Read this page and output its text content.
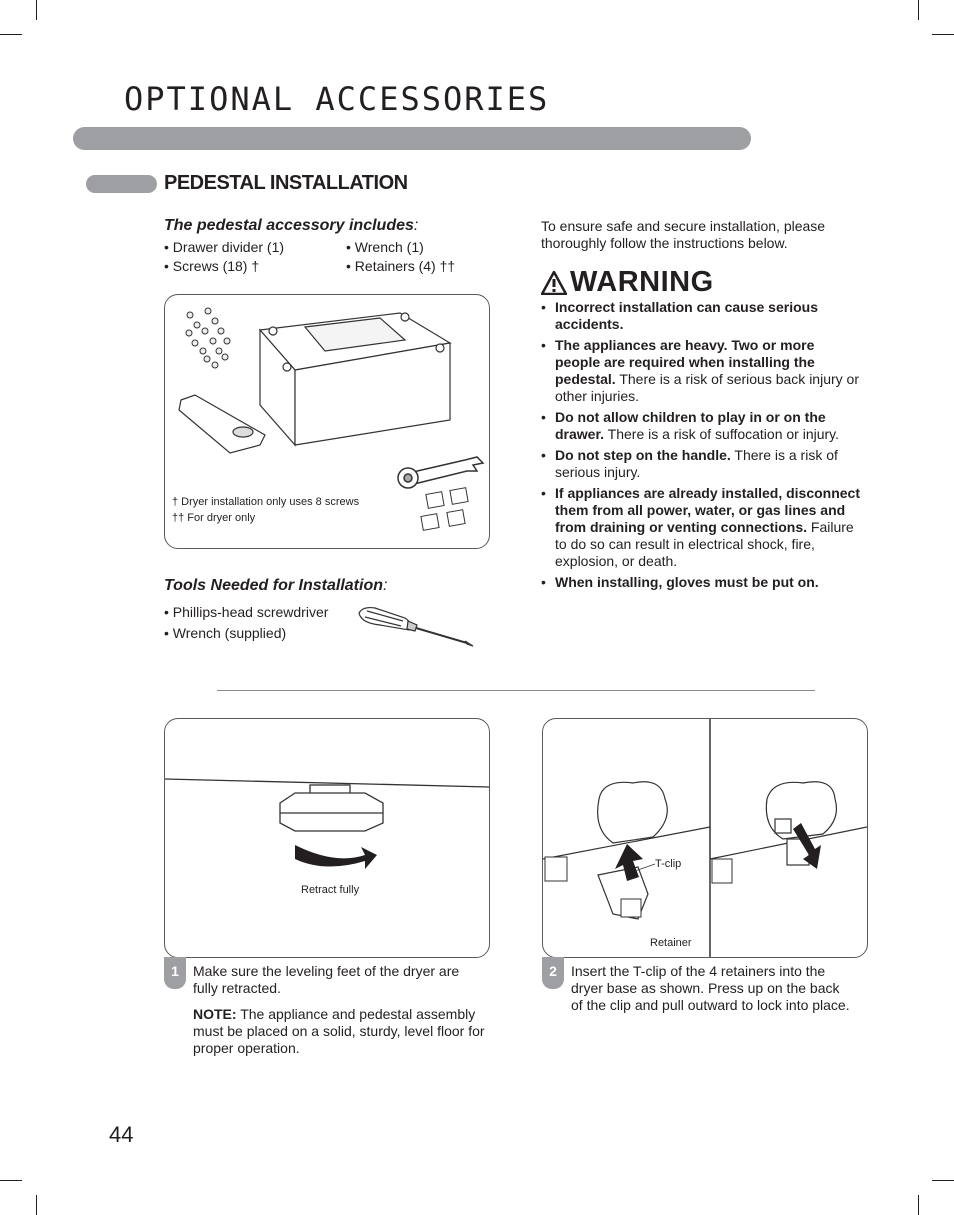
OPTIONAL ACCESSORIES
PEDESTAL INSTALLATION
The pedestal accessory includes:
• Drawer divider (1)	• Wrench (1)
• Screws (18) †	• Retainers (4) ††
† Dryer installation only uses 8 screws
†† For dryer only
Tools Needed for Installation:
• Phillips-head screwdriver
• Wrench (supplied)
To ensure safe and secure installation, please thoroughly follow the instructions below.
WARNING
• Incorrect installation can cause serious accidents.
• The appliances are heavy. Two or more people are required when installing the pedestal. There is a risk of serious back injury or other injuries.
• Do not allow children to play in or on the drawer. There is a risk of suffocation or injury.
• Do not step on the handle. There is a risk of serious injury.
• If appliances are already installed, disconnect them from all power, water, or gas lines and from draining or venting connections. Failure to do so can result in electrical shock, fire, explosion, or death.
• When installing, gloves must be put on.
Retract fully
1	Make sure the leveling feet of the dryer are fully retracted.
NOTE: The appliance and pedestal assembly must be placed on a solid, sturdy, level floor for proper operation.
T-clip
Retainer
2	Insert the T-clip of the 4 retainers into the dryer base as shown. Press up on the back of the clip and pull outward to lock into place.
44
